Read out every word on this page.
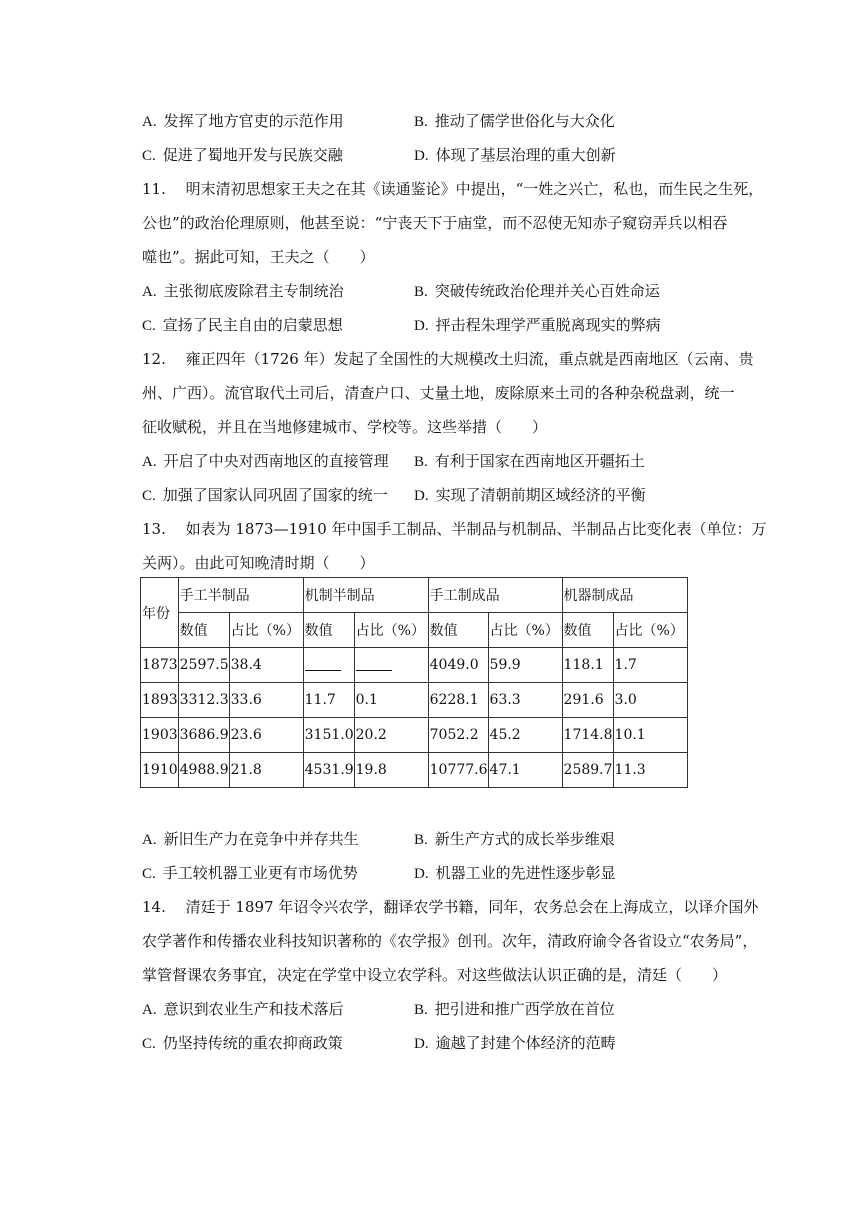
A. 发挥了地方官吏的示范作用	B. 推动了儒学世俗化与大众化
C. 促进了蜀地开发与民族交融	D. 体现了基层治理的重大创新
11.　 明末清初思想家王夫之在其《读通鉴论》中提出，“一姓之兴亡，私也，而生民之生死，
公也”的政治伦理原则，他甚至说：“宁丧天下于庙堂，而不忍使无知赤子窥窃弄兵以相吞
噬也”。据此可知，王夫之（　　）
A. 主张彻底废除君主专制统治	B. 突破传统政治伦理并关心百姓命运
C. 宣扬了民主自由的启蒙思想	D. 抨击程朱理学严重脱离现实的弊病
12.　 雍正四年（1726 年）发起了全国性的大规模改土归流，重点就是西南地区（云南、贵
州、广西）。流官取代土司后，清查户口、丈量土地，废除原来土司的各种杂税盘剥，统一
征收赋税，并且在当地修建城市、学校等。这些举措（　　）
A. 开启了中央对西南地区的直接管理 B. 有利于国家在西南地区开疆拓土
C. 加强了国家认同巩固了国家的统一 D. 实现了清朝前期区域经济的平衡
13.　 如表为 1873—1910 年中国手工制品、半制品与机制品、半制品占比变化表（单位：万
关两）。由此可知晚清时期（　　）
年份	手工半制品		机制半制品		手工制成品		机器制成品	
	数值	占比（%）	数值	占比（%）	数值	占比（%）	数值	占比（%）
1873	2597.5	38.4			4049.0	59.9	118.1	1.7
1893	3312.3	33.6	11.7	0.1	6228.1	63.3	291.6	3.0
1903	3686.9	23.6	3151.0	20.2	7052.2	45.2	1714.8	10.1
1910	4988.9	21.8	4531.9	19.8	10777.6	47.1	2589.7	11.3
A. 新旧生产力在竞争中并存共生	B. 新生产方式的成长举步维艰
C. 手工较机器工业更有市场优势	D. 机器工业的先进性逐步彰显
14.　 清廷于 1897 年诏令兴农学，翻译农学书籍，同年，农务总会在上海成立，以译介国外
农学著作和传播农业科技知识著称的《农学报》创刊。次年，清政府谕令各省设立“农务局”，
掌管督课农务事宜，决定在学堂中设立农学科。对这些做法认识正确的是，清廷（　　）
A. 意识到农业生产和技术落后	B. 把引进和推广西学放在首位
C. 仍坚持传统的重农抑商政策	D. 逾越了封建个体经济的范畴
